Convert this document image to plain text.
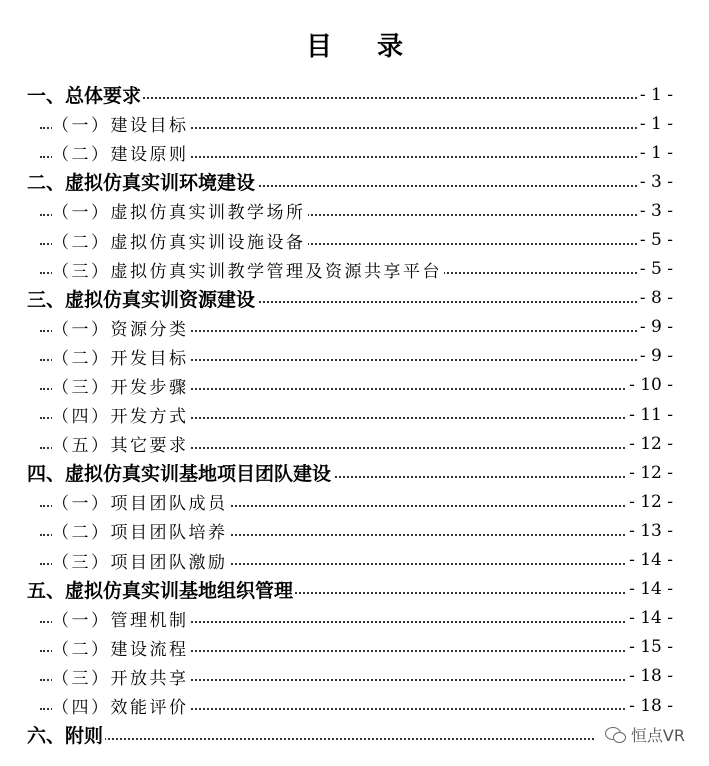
目 录
一、总体要求	- 1 -
（一）建设目标	- 1 -
（二）建设原则	- 1 -
二、虚拟仿真实训环境建设	- 3 -
（一）虚拟仿真实训教学场所	- 3 -
（二）虚拟仿真实训设施设备	- 5 -
（三）虚拟仿真实训教学管理及资源共享平台	- 5 -
三、虚拟仿真实训资源建设	- 8 -
（一）资源分类	- 9 -
（二）开发目标	- 9 -
（三）开发步骤	- 10 -
（四）开发方式	- 11 -
（五）其它要求	- 12 -
四、虚拟仿真实训基地项目团队建设	- 12 -
（一）项目团队成员	- 12 -
（二）项目团队培养	- 13 -
（三）项目团队激励	- 14 -
五、虚拟仿真实训基地组织管理	- 14 -
（一）管理机制	- 14 -
（二）建设流程	- 15 -
（三）开放共享	- 18 -
（四）效能评价	- 18 -
六、附则	恒点VR
